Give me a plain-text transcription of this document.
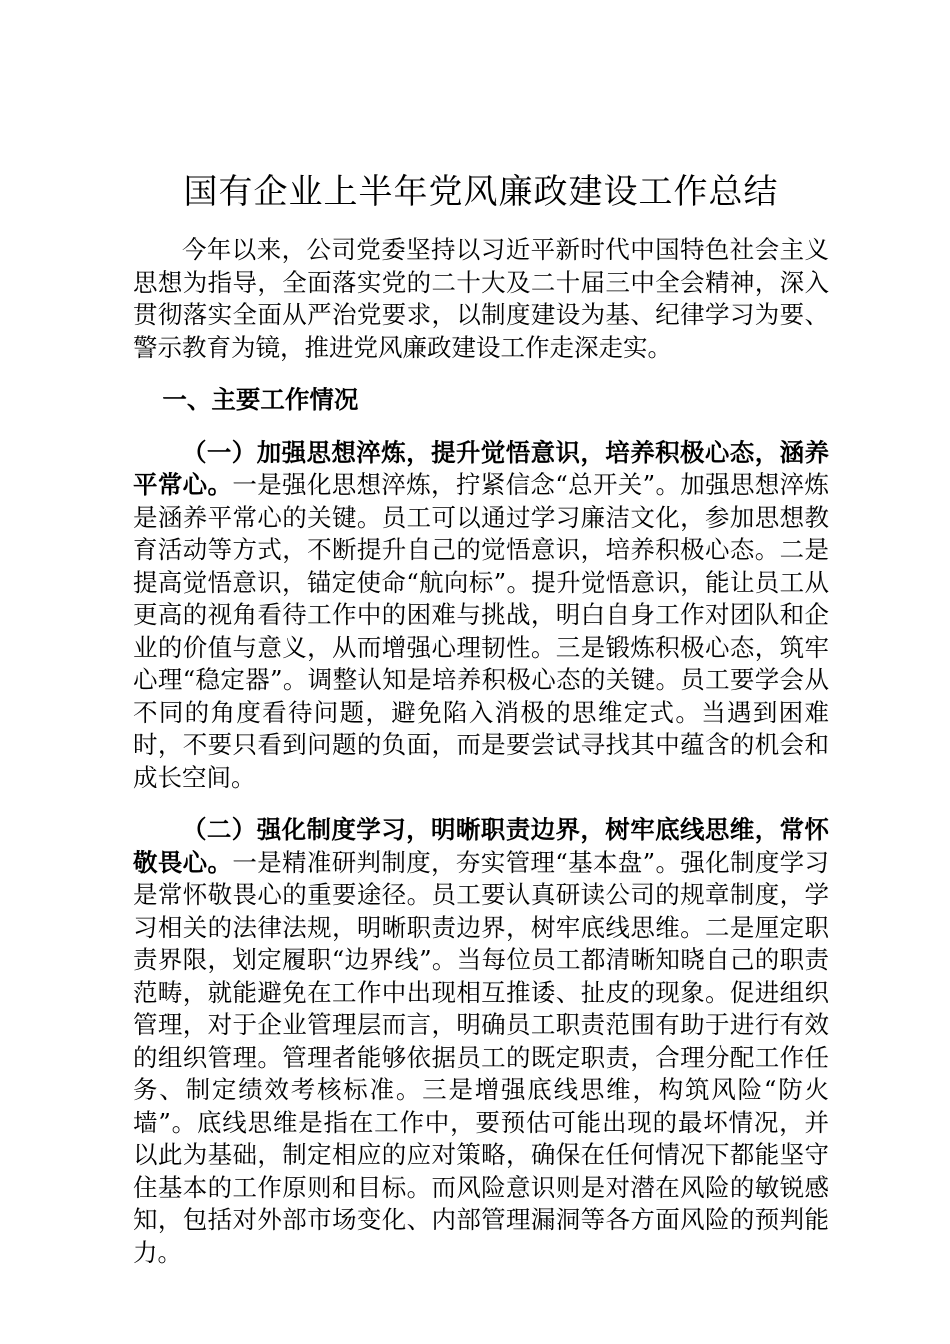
国有企业上半年党风廉政建设工作总结

今年以来，公司党委坚持以习近平新时代中国特色社会主义思想为指导，全面落实党的二十大及二十届三中全会精神，深入贯彻落实全面从严治党要求，以制度建设为基、纪律学习为要、警示教育为镜，推进党风廉政建设工作走深走实。

一、主要工作情况

（一）加强思想淬炼，提升觉悟意识，培养积极心态，涵养平常心。一是强化思想淬炼，拧紧信念“总开关”。加强思想淬炼是涵养平常心的关键。员工可以通过学习廉洁文化，参加思想教育活动等方式，不断提升自己的觉悟意识，培养积极心态。二是提高觉悟意识，锚定使命“航向标”。提升觉悟意识，能让员工从更高的视角看待工作中的困难与挑战，明白自身工作对团队和企业的价值与意义，从而增强心理韧性。三是锻炼积极心态，筑牢心理“稳定器”。调整认知是培养积极心态的关键。员工要学会从不同的角度看待问题，避免陷入消极的思维定式。当遇到困难时，不要只看到问题的负面，而是要尝试寻找其中蕴含的机会和成长空间。

（二）强化制度学习，明晰职责边界，树牢底线思维，常怀敬畏心。一是精准研判制度，夯实管理“基本盘”。强化制度学习是常怀敬畏心的重要途径。员工要认真研读公司的规章制度，学习相关的法律法规，明晰职责边界，树牢底线思维。二是厘定职责界限，划定履职“边界线”。当每位员工都清晰知晓自己的职责范畴，就能避免在工作中出现相互推诿、扯皮的现象。促进组织管理，对于企业管理层而言，明确员工职责范围有助于进行有效的组织管理。管理者能够依据员工的既定职责，合理分配工作任务、制定绩效考核标准。三是增强底线思维，构筑风险“防火墙”。底线思维是指在工作中，要预估可能出现的最坏情况，并以此为基础，制定相应的应对策略，确保在任何情况下都能坚守住基本的工作原则和目标。而风险意识则是对潜在风险的敏锐感知，包括对外部市场变化、内部管理漏洞等各方面风险的预判能力。
